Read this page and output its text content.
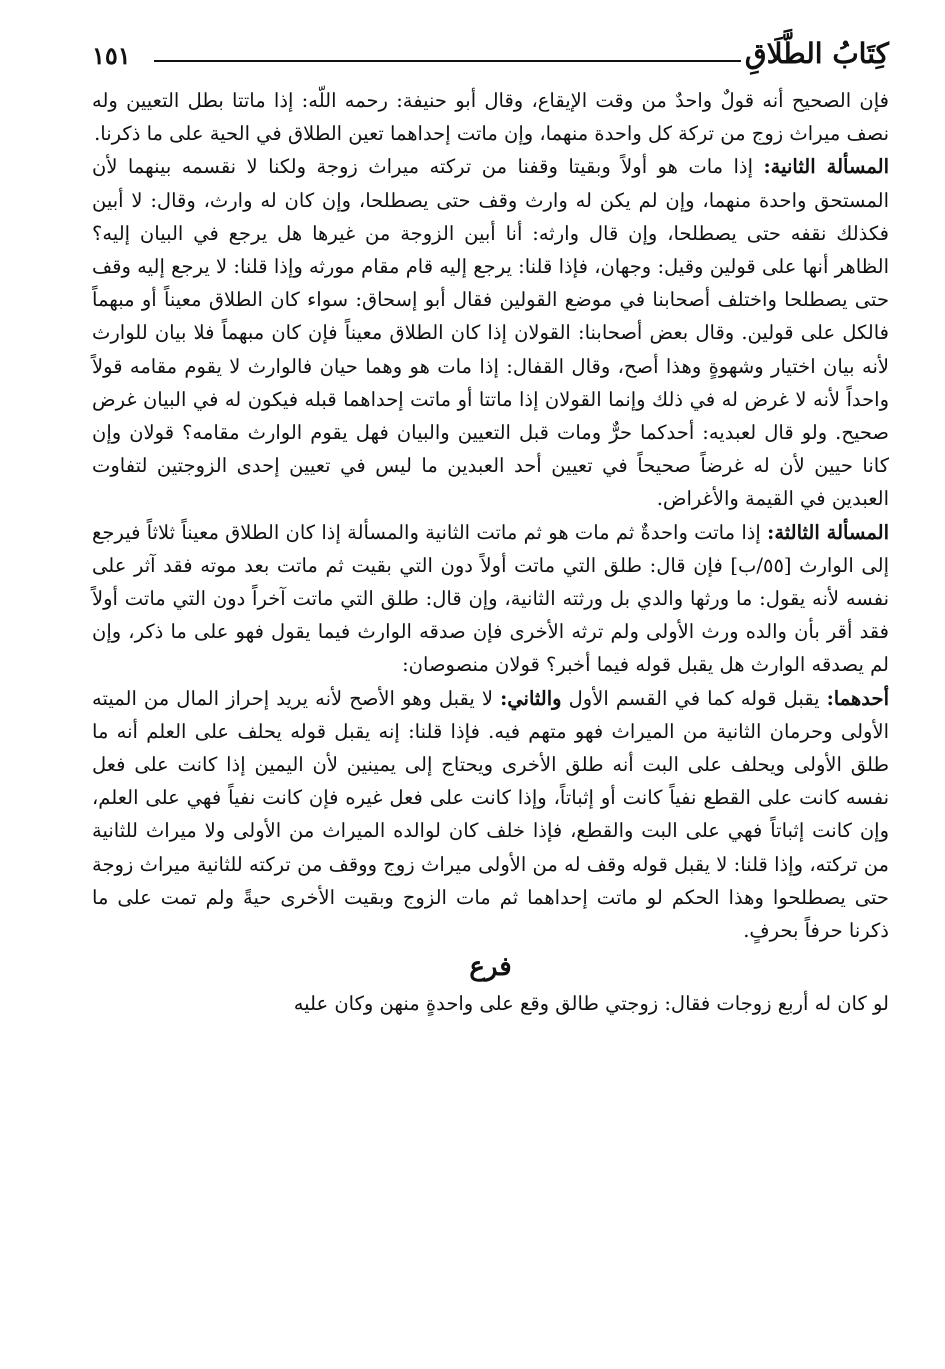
كِتَابُ الطَّلَاقِ
١٥١

فإن الصحيح أنه قولٌ واحدٌ من وقت الإيقاع، وقال أبو حنيفة: رحمه اللّه: إذا ماتتا بطل التعيين وله نصف ميراث زوج من تركة كل واحدة منهما، وإن ماتت إحداهما تعين الطلاق في الحية على ما ذكرنا.

المسألة الثانية: إذا مات هو أولاً وبقيتا وقفنا من تركته ميراث زوجة ولكنا لا نقسمه بينهما لأن المستحق واحدة منهما، وإن لم يكن له وارث وقف حتى يصطلحا، وإن كان له وارث، وقال: لا أبين فكذلك نقفه حتى يصطلحا، وإن قال وارثه: أنا أبين الزوجة من غيرها هل يرجع في البيان إليه؟ الظاهر أنها على قولين وقيل: وجهان، فإذا قلنا: يرجع إليه قام مقام مورثه وإذا قلنا: لا يرجع إليه وقف حتى يصطلحا واختلف أصحابنا في موضع القولين فقال أبو إسحاق: سواء كان الطلاق معيناً أو مبهماً فالكل على قولين. وقال بعض أصحابنا: القولان إذا كان الطلاق معيناً فإن كان مبهماً فلا بيان للوارث لأنه بيان اختيار وشهوةٍ وهذا أصح، وقال القفال: إذا مات هو وهما حيان فالوارث لا يقوم مقامه قولاً واحداً لأنه لا غرض له في ذلك وإنما القولان إذا ماتتا أو ماتت إحداهما قبله فيكون له في البيان غرض صحيح. ولو قال لعبديه: أحدكما حرٌّ ومات قبل التعيين والبيان فهل يقوم الوارث مقامه؟ قولان وإن كانا حيين لأن له غرضاً صحيحاً في تعيين أحد العبدين ما ليس في تعيين إحدى الزوجتين لتفاوت العبدين في القيمة والأغراض.

المسألة الثالثة: إذا ماتت واحدةٌ ثم مات هو ثم ماتت الثانية والمسألة إذا كان الطلاق معيناً ثلاثاً فيرجع إلى الوارث [٥٥/ب] فإن قال: طلق التي ماتت أولاً دون التي بقيت ثم ماتت بعد موته فقد آثر على نفسه لأنه يقول: ما ورثها والدي بل ورثته الثانية، وإن قال: طلق التي ماتت آخراً دون التي ماتت أولاً فقد أقر بأن والده ورث الأولى ولم ترثه الأخرى فإن صدقه الوارث فيما يقول فهو على ما ذكر، وإن لم يصدقه الوارث هل يقبل قوله فيما أخبر؟ قولان منصوصان:

أحدهما: يقبل قوله كما في القسم الأول والثاني: لا يقبل وهو الأصح لأنه يريد إحراز المال من الميته الأولى وحرمان الثانية من الميراث فهو متهم فيه. فإذا قلنا: إنه يقبل قوله يحلف على العلم أنه ما طلق الأولى ويحلف على البت أنه طلق الأخرى ويحتاج إلى يمينين لأن اليمين إذا كانت على فعل نفسه كانت على القطع نفياً كانت أو إثباتاً، وإذا كانت على فعل غيره فإن كانت نفياً فهي على العلم، وإن كانت إثباتاً فهي على البت والقطع، فإذا خلف كان لوالده الميراث من الأولى ولا ميراث للثانية من تركته، وإذا قلنا: لا يقبل قوله وقف له من الأولى ميراث زوج ووقف من تركته للثانية ميراث زوجة حتى يصطلحوا وهذا الحكم لو ماتت إحداهما ثم مات الزوج وبقيت الأخرى حيةً ولم تمت على ما ذكرنا حرفاً بحرفٍ.

فرع

لو كان له أربع زوجات فقال: زوجتي طالق وقع على واحدةٍ منهن وكان عليه
